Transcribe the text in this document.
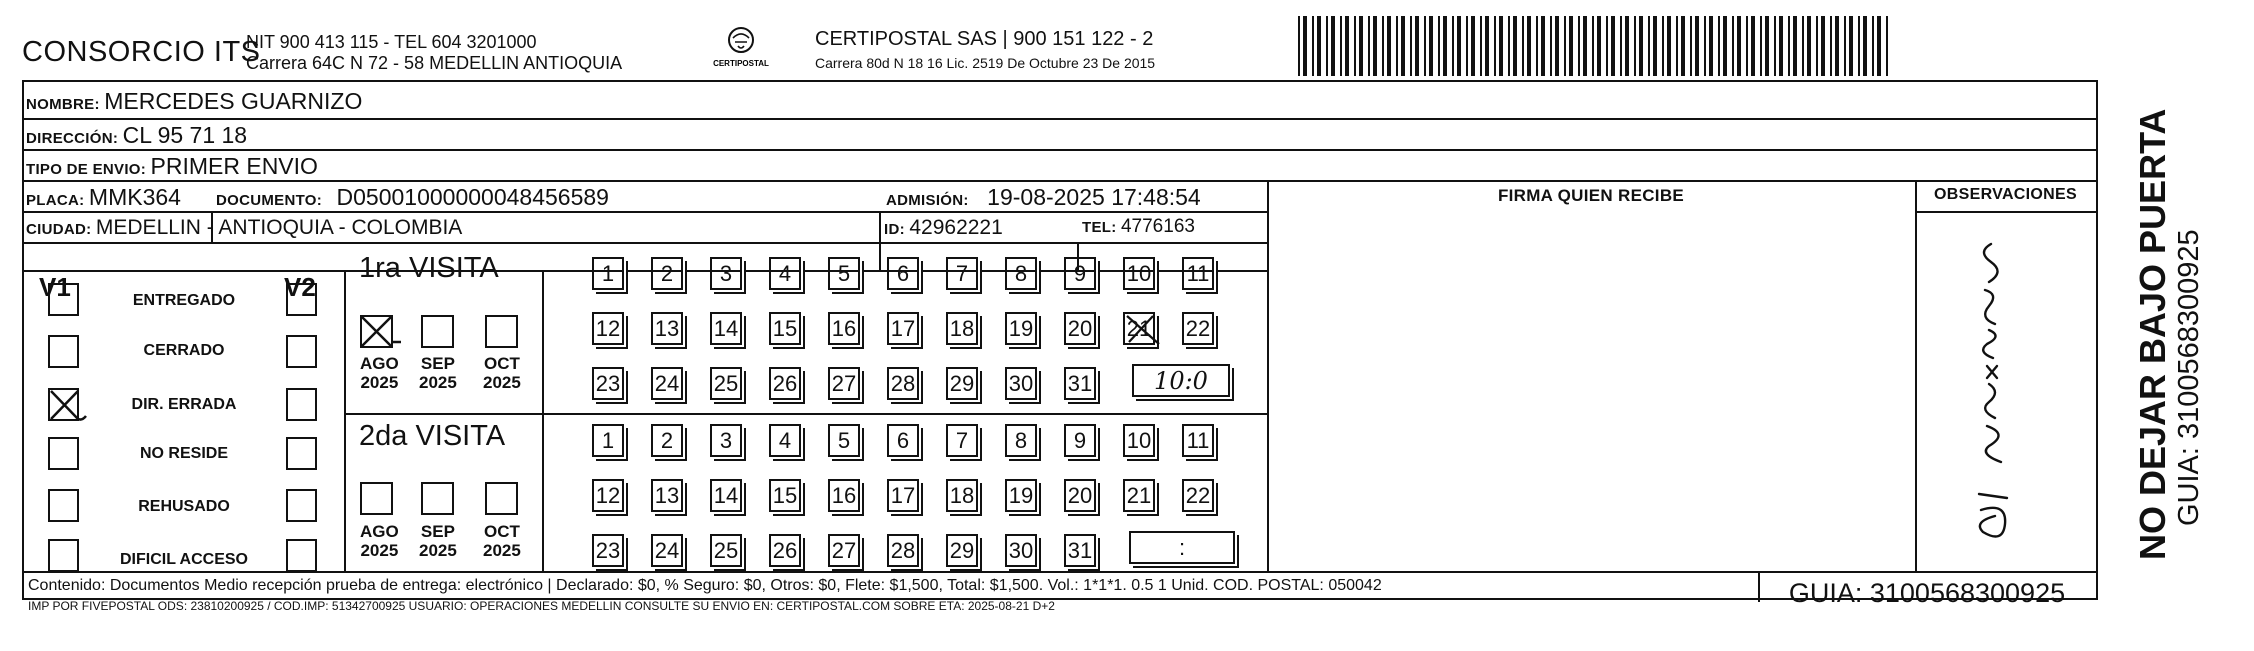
CONSORCIO ITS
NIT 900 413 115 - TEL 604 3201000
Carrera 64C N 72 - 58 MEDELLIN ANTIOQUIA	CERTIPOSTAL
CERTIPOSTAL SAS | 900 151 122 - 2
Carrera 80d N 18 16 Lic. 2519 De Octubre 23 De 2015
NOMBRE: MERCEDES GUARNIZO
DIRECCIÓN: CL 95 71 18
TIPO DE ENVIO: PRIMER ENVIO
FIRMA QUIEN RECIBE	OBSERVACIONES
PLACA: MMK364 DOCUMENTO: D05001000000048456589	ADMISIÓN: 19-08-2025 17:48:54
CIUDAD: MEDELLIN - ANTIOQUIA - COLOMBIA	ID: 42962221	TEL: 4776163
V1	V2
ENTREGADO
CERRADO
DIR. ERRADA
NO RESIDE
REHUSADO
DIFICIL ACCESO
1ra VISITA
AGO
2025
SEP
2025
OCT
2025
1	2	3	4	5	6	7	8	9	10 11
12 13 14 15 16 17 18 19 20 21 22
23 24 25 26 27 28 29 30 31	10:0
2da VISITA
AGO
2025
SEP
2025
OCT
2025
1	2	3	4	5	6	7	8	9	10 11
12 13 14 15 16 17 18 19 20 21 22
23 24 25 26 27 28 29 30 31	:
Contenido: Documentos Medio recepción prueba de entrega: electrónico | Declarado: $0, % Seguro: $0, Otros: $0, Flete: $1,500, Total: $1,500. Vol.: 1*1*1. 0.5 1 Unid. COD. POSTAL: 050042
IMP POR FIVEPOSTAL ODS: 23810200925 / COD.IMP: 51342700925 USUARIO: OPERACIONES MEDELLIN CONSULTE SU ENVIO EN: CERTIPOSTAL.COM SOBRE ETA: 2025-08-21 D+2	GUIA: 3100568300925
NO DEJAR BAJO PUERTA GUIA: 3100568300925
